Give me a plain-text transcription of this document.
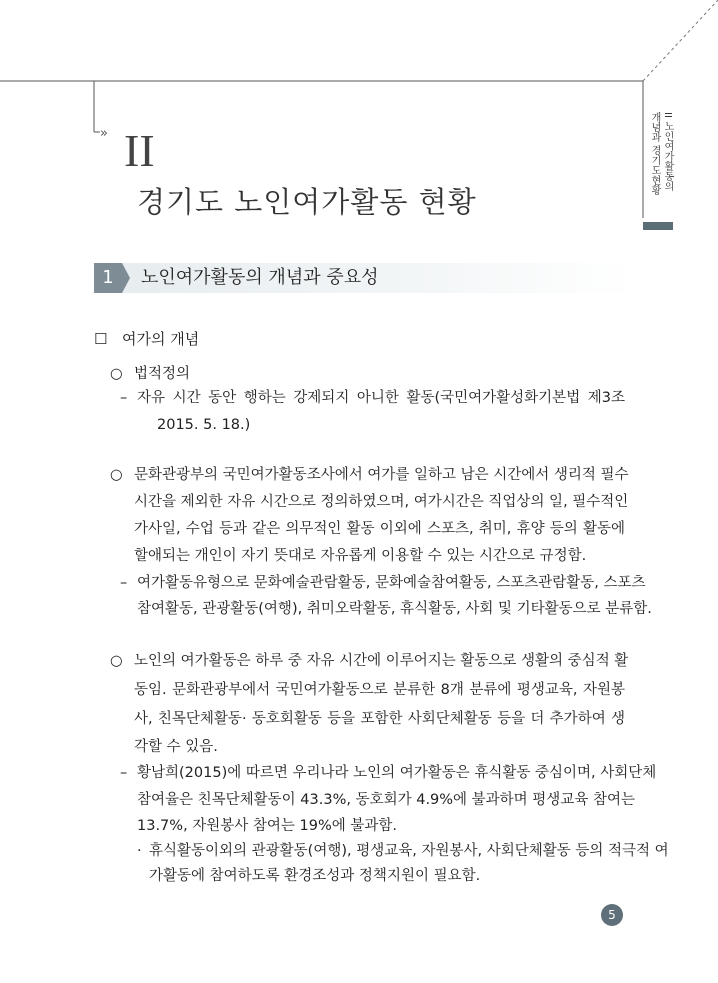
II 노인여가활동의
개념과 경기도현황
» II
경기도 노인여가활동 현황
1	노인여가활동의 개념과 중요성
☐ 여가의 개념
○ 법적정의
– 자유 시간 동안 행하는 강제되지 아니한 활동(국민여가활성화기본법 제3조
2015. 5. 18.)
○ 문화관광부의 국민여가활동조사에서 여가를 일하고 남은 시간에서 생리적 필수
시간을 제외한 자유 시간으로 정의하였으며, 여가시간은 직업상의 일, 필수적인
가사일, 수업 등과 같은 의무적인 활동 이외에 스포츠, 취미, 휴양 등의 활동에
할애되는 개인이 자기 뜻대로 자유롭게 이용할 수 있는 시간으로 규정함.
– 여가활동유형으로 문화예술관람활동, 문화예술참여활동, 스포츠관람활동, 스포츠
참여활동, 관광활동(여행), 취미오락활동, 휴식활동, 사회 및 기타활동으로 분류함.
○ 노인의 여가활동은 하루 중 자유 시간에 이루어지는 활동으로 생활의 중심적 활
동임. 문화관광부에서 국민여가활동으로 분류한 8개 분류에 평생교육, 자원봉
사, 친목단체활동· 동호회활동 등을 포함한 사회단체활동 등을 더 추가하여 생
각할 수 있음.
– 황남희(2015)에 따르면 우리나라 노인의 여가활동은 휴식활동 중심이며, 사회단체
참여율은 친목단체활동이 43.3%, 동호회가 4.9%에 불과하며 평생교육 참여는
13.7%, 자원봉사 참여는 19%에 불과함.
· 휴식활동이외의 관광활동(여행), 평생교육, 자원봉사, 사회단체활동 등의 적극적 여
가활동에 참여하도록 환경조성과 정책지원이 필요함.
5
